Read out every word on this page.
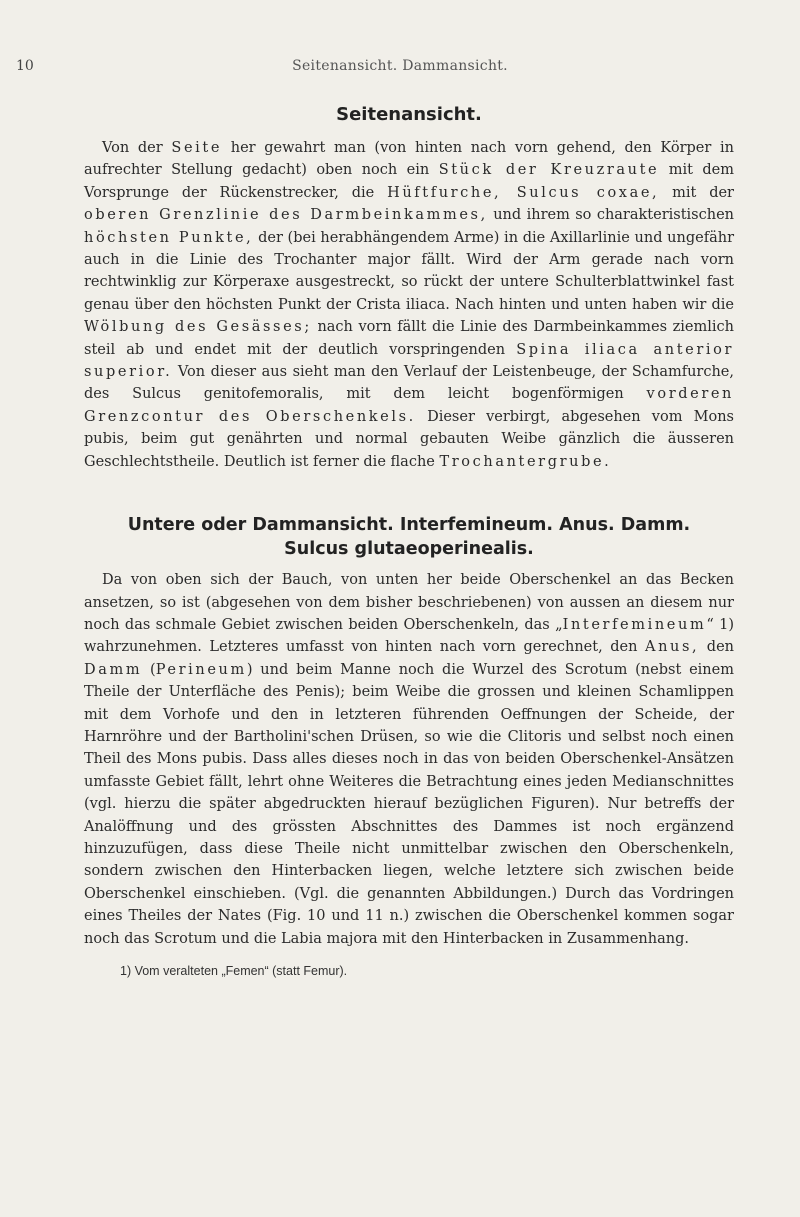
10	Seitenansicht. Dammansicht.
Seitenansicht.

Von der Seite her gewahrt man (von hinten nach vorn gehend, den Körper in aufrechter Stellung gedacht) oben noch ein Stück der Kreuzraute mit dem Vorsprunge der Rückenstrecker, die Hüftfurche, Sulcus coxae, mit der oberen Grenzlinie des Darmbeinkammes, und ihrem so charakteristischen höchsten Punkte, der (bei herabhängendem Arme) in die Axillarlinie und ungefähr auch in die Linie des Trochanter major fällt. Wird der Arm gerade nach vorn rechtwinklig zur Körperaxe ausgestreckt, so rückt der untere Schulterblattwinkel fast genau über den höchsten Punkt der Crista iliaca. Nach hinten und unten haben wir die Wölbung des Gesässes; nach vorn fällt die Linie des Darmbeinkammes ziemlich steil ab und endet mit der deutlich vorspringenden Spina iliaca anterior superior. Von dieser aus sieht man den Verlauf der Leistenbeuge, der Schamfurche, des Sulcus genitofemoralis, mit dem leicht bogenförmigen vorderen Grenzcontur des Oberschenkels. Dieser verbirgt, abgesehen vom Mons pubis, beim gut genährten und normal gebauten Weibe gänzlich die äusseren Geschlechtstheile. Deutlich ist ferner die flache Trochantergrube.

Untere oder Dammansicht. Interfemineum. Anus. Damm.
Sulcus glutaeoperinealis.

Da von oben sich der Bauch, von unten her beide Oberschenkel an das Becken ansetzen, so ist (abgesehen von dem bisher beschriebenen) von aussen an diesem nur noch das schmale Gebiet zwischen beiden Oberschenkeln, das „Interfemineum“ 1) wahrzunehmen. Letzteres umfasst von hinten nach vorn gerechnet, den Anus, den Damm (Perineum) und beim Manne noch die Wurzel des Scrotum (nebst einem Theile der Unterfläche des Penis); beim Weibe die grossen und kleinen Schamlippen mit dem Vorhofe und den in letzteren führenden Oeffnungen der Scheide, der Harnröhre und der Bartholini'schen Drüsen, so wie die Clitoris und selbst noch einen Theil des Mons pubis. Dass alles dieses noch in das von beiden Oberschenkel-Ansätzen umfasste Gebiet fällt, lehrt ohne Weiteres die Betrachtung eines jeden Medianschnittes (vgl. hierzu die später abgedruckten hierauf bezüglichen Figuren). Nur betreffs der Analöffnung und des grössten Abschnittes des Dammes ist noch ergänzend hinzuzufügen, dass diese Theile nicht unmittelbar zwischen den Oberschenkeln, sondern zwischen den Hinterbacken liegen, welche letztere sich zwischen beide Oberschenkel einschieben. (Vgl. die genannten Abbildungen.) Durch das Vordringen eines Theiles der Nates (Fig. 10 und 11 n.) zwischen die Oberschenkel kommen sogar noch das Scrotum und die Labia majora mit den Hinterbacken in Zusammenhang.

1) Vom veralteten „Femen“ (statt Femur).
